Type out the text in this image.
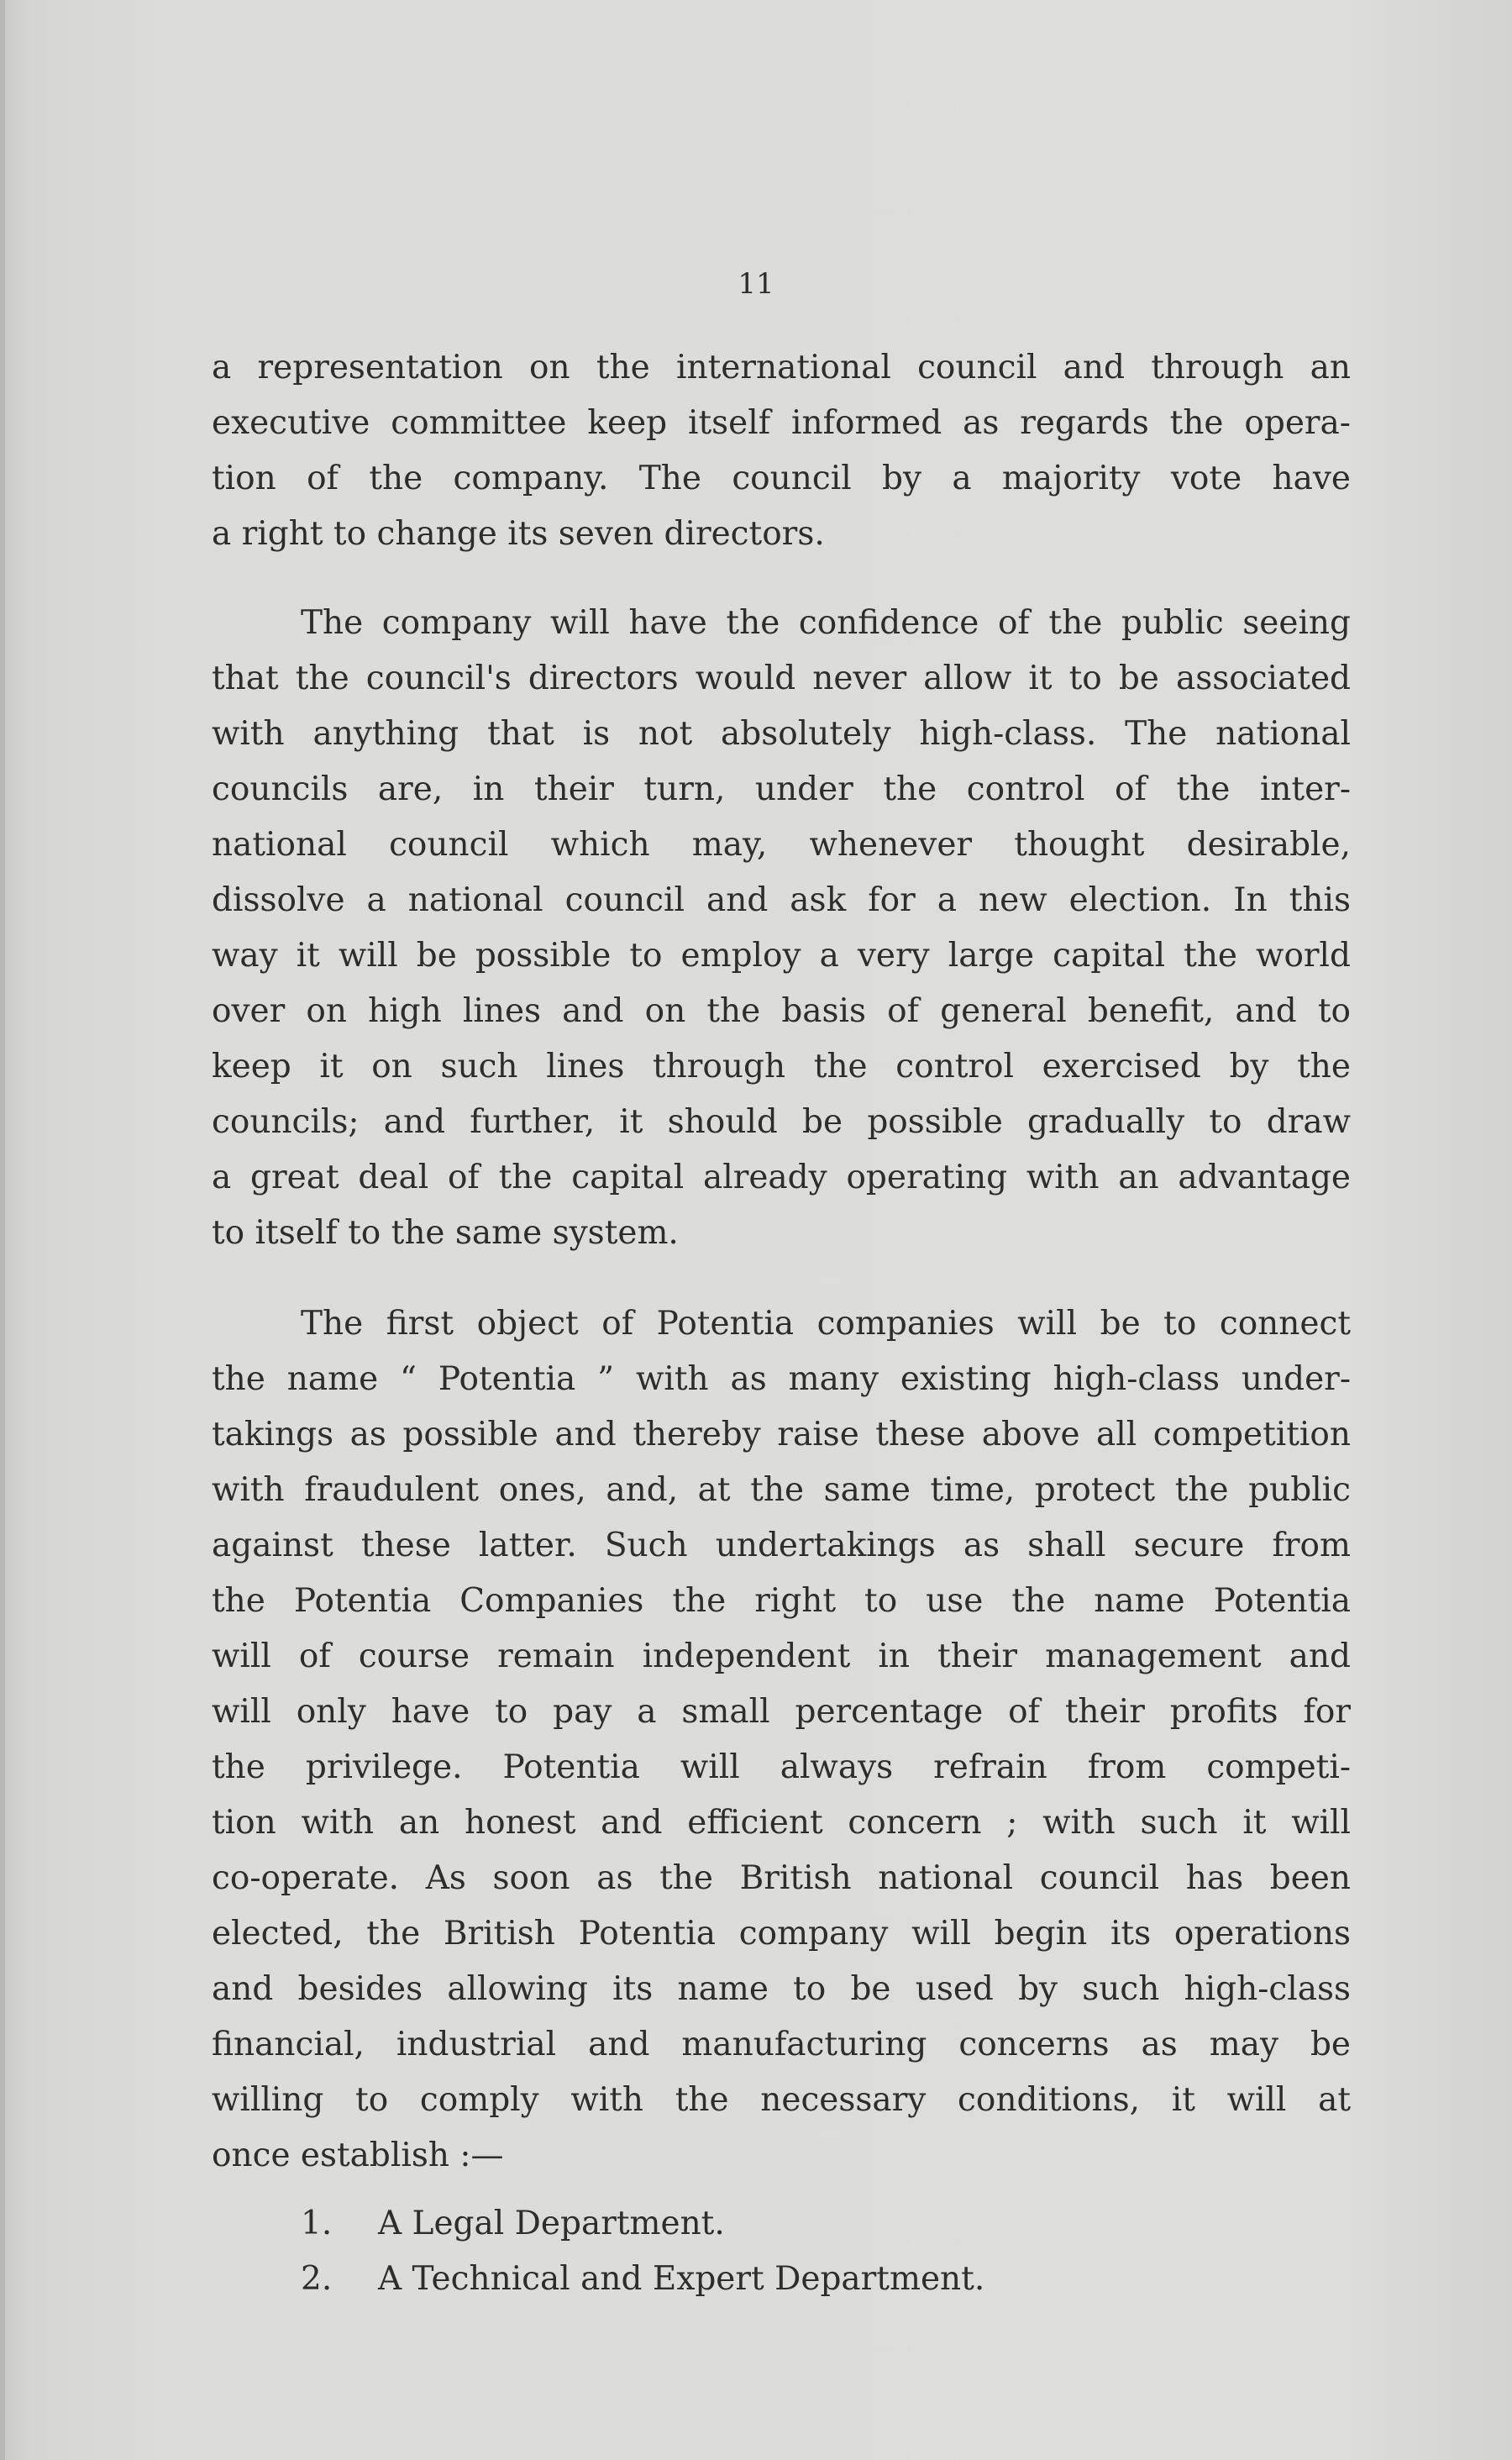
11
a representation on the international council and through an
executive committee keep itself informed as regards the opera-
tion of the company. The council by a majority vote have
a right to change its seven directors.
The company will have the confidence of the public seeing
that the council's directors would never allow it to be associated
with anything that is not absolutely high-class. The national
councils are, in their turn, under the control of the inter-
national council which may, whenever thought desirable,
dissolve a national council and ask for a new election. In this
way it will be possible to employ a very large capital the world
over on high lines and on the basis of general benefit, and to
keep it on such lines through the control exercised by the
councils; and further, it should be possible gradually to draw
a great deal of the capital already operating with an advantage
to itself to the same system.
The first object of Potentia companies will be to connect
the name “ Potentia ” with as many existing high-class under-
takings as possible and thereby raise these above all competition
with fraudulent ones, and, at the same time, protect the public
against these latter. Such undertakings as shall secure from
the Potentia Companies the right to use the name Potentia
will of course remain independent in their management and
will only have to pay a small percentage of their profits for
the privilege. Potentia will always refrain from competi-
tion with an honest and efficient concern ; with such it will
co-operate. As soon as the British national council has been
elected, the British Potentia company will begin its operations
and besides allowing its name to be used by such high-class
financial, industrial and manufacturing concerns as may be
willing to comply with the necessary conditions, it will at
once establish :—
1. A Legal Department.
2. A Technical and Expert Department.
